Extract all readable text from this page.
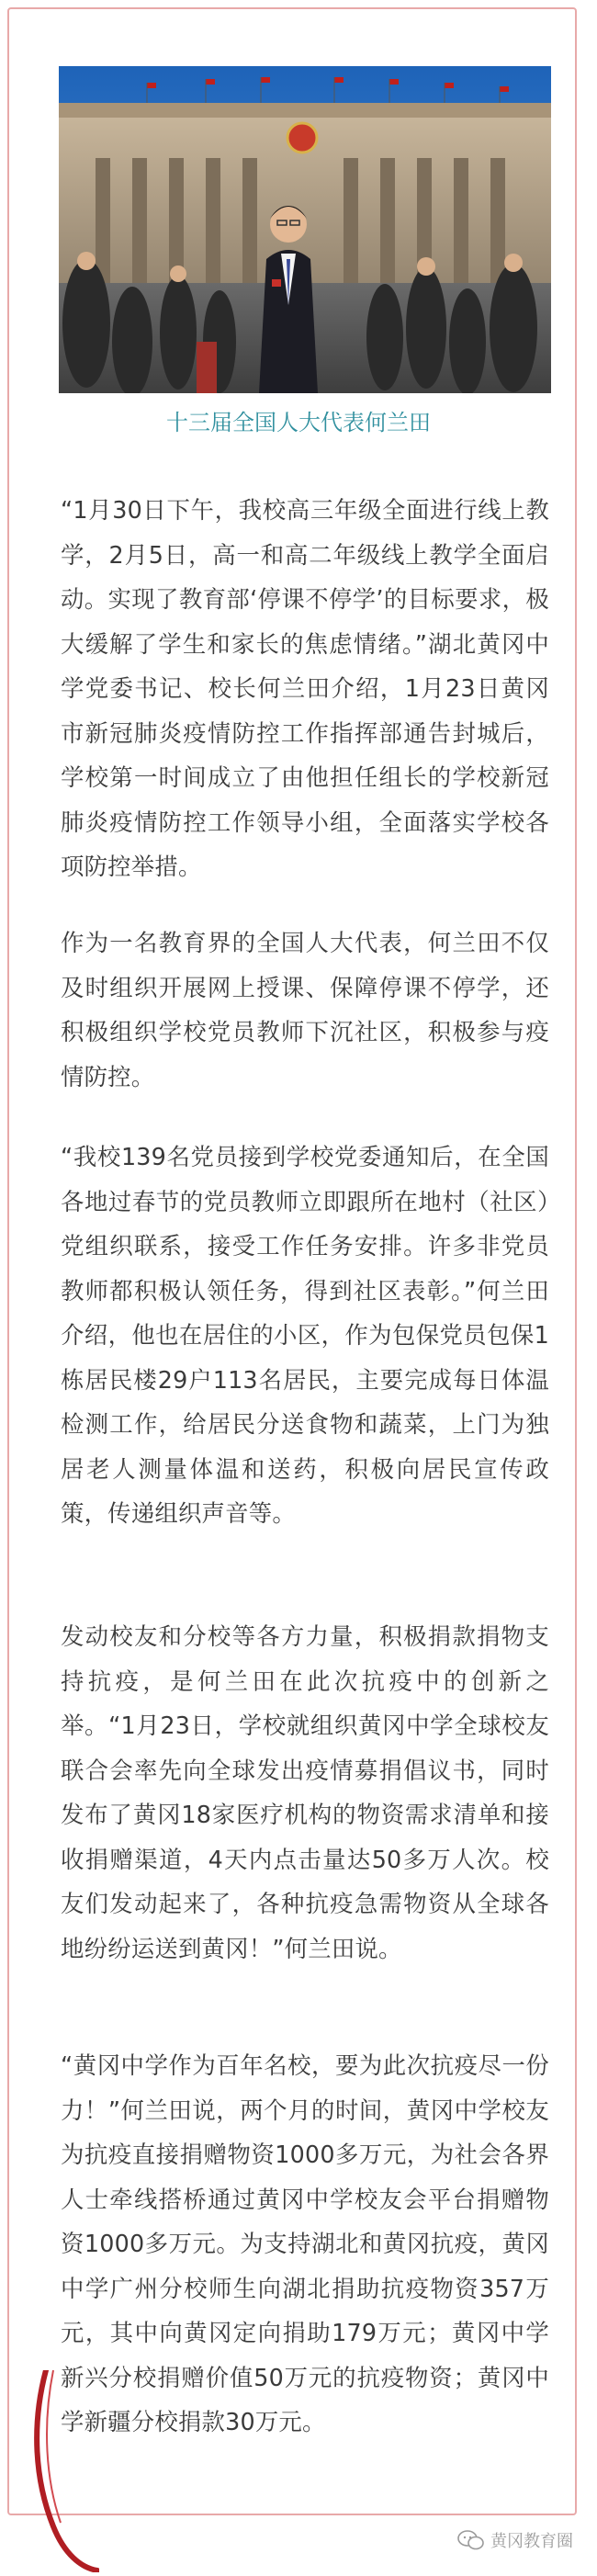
十三届全国人大代表何兰田

“1月30日下午，我校高三年级全面进行线上教学，2月5日，高一和高二年级线上教学全面启动。实现了教育部‘停课不停学’的目标要求，极大缓解了学生和家长的焦虑情绪。”湖北黄冈中学党委书记、校长何兰田介绍，1月23日黄冈市新冠肺炎疫情防控工作指挥部通告封城后，学校第一时间成立了由他担任组长的学校新冠肺炎疫情防控工作领导小组，全面落实学校各项防控举措。

作为一名教育界的全国人大代表，何兰田不仅及时组织开展网上授课、保障停课不停学，还积极组织学校党员教师下沉社区，积极参与疫情防控。

“我校139名党员接到学校党委通知后，在全国各地过春节的党员教师立即跟所在地村（社区）党组织联系，接受工作任务安排。许多非党员教师都积极认领任务，得到社区表彰。”何兰田介绍，他也在居住的小区，作为包保党员包保1栋居民楼29户113名居民，主要完成每日体温检测工作，给居民分送食物和蔬菜，上门为独居老人测量体温和送药，积极向居民宣传政策，传递组织声音等。

发动校友和分校等各方力量，积极捐款捐物支持抗疫，是何兰田在此次抗疫中的创新之举。“1月23日，学校就组织黄冈中学全球校友联合会率先向全球发出疫情募捐倡议书，同时发布了黄冈18家医疗机构的物资需求清单和接收捐赠渠道，4天内点击量达50多万人次。校友们发动起来了，各种抗疫急需物资从全球各地纷纷运送到黄冈！”何兰田说。

“黄冈中学作为百年名校，要为此次抗疫尽一份力！”何兰田说，两个月的时间，黄冈中学校友为抗疫直接捐赠物资1000多万元，为社会各界人士牵线搭桥通过黄冈中学校友会平台捐赠物资1000多万元。为支持湖北和黄冈抗疫，黄冈中学广州分校师生向湖北捐助抗疫物资357万元，其中向黄冈定向捐助179万元；黄冈中学新兴分校捐赠价值50万元的抗疫物资；黄冈中学新疆分校捐款30万元。

黄冈教育圈
